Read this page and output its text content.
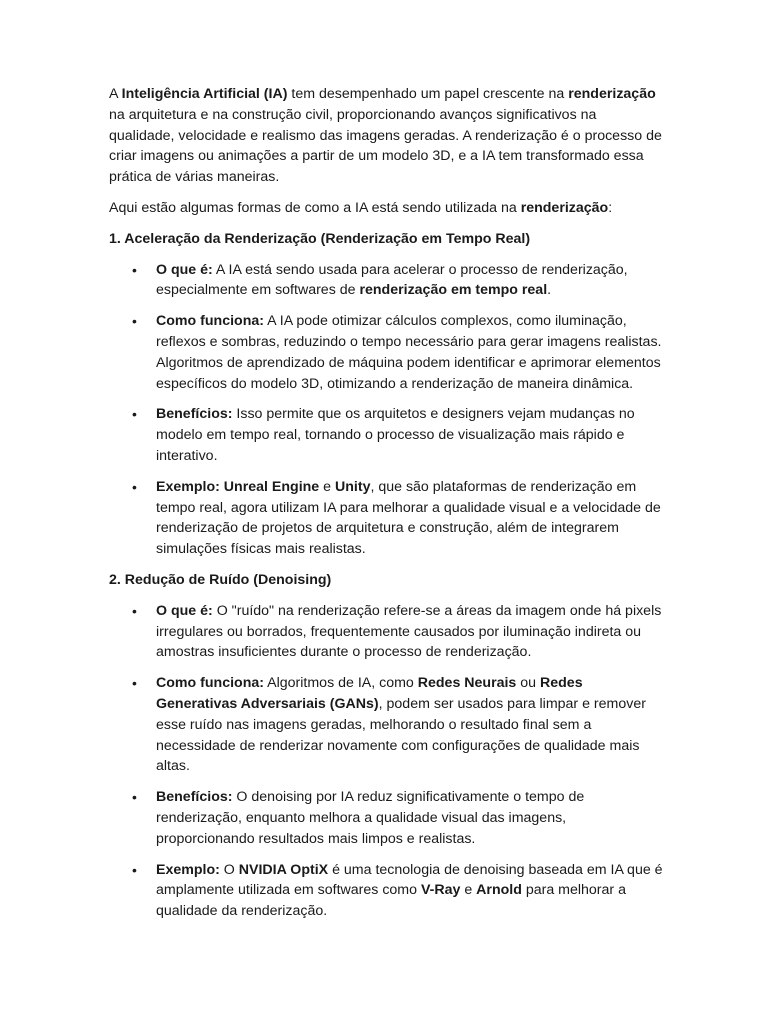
A Inteligência Artificial (IA) tem desempenhado um papel crescente na renderização na arquitetura e na construção civil, proporcionando avanços significativos na qualidade, velocidade e realismo das imagens geradas. A renderização é o processo de criar imagens ou animações a partir de um modelo 3D, e a IA tem transformado essa prática de várias maneiras.

Aqui estão algumas formas de como a IA está sendo utilizada na renderização:

1. Aceleração da Renderização (Renderização em Tempo Real)

• O que é: A IA está sendo usada para acelerar o processo de renderização, especialmente em softwares de renderização em tempo real.
• Como funciona: A IA pode otimizar cálculos complexos, como iluminação, reflexos e sombras, reduzindo o tempo necessário para gerar imagens realistas. Algoritmos de aprendizado de máquina podem identificar e aprimorar elementos específicos do modelo 3D, otimizando a renderização de maneira dinâmica.
• Benefícios: Isso permite que os arquitetos e designers vejam mudanças no modelo em tempo real, tornando o processo de visualização mais rápido e interativo.
• Exemplo: Unreal Engine e Unity, que são plataformas de renderização em tempo real, agora utilizam IA para melhorar a qualidade visual e a velocidade de renderização de projetos de arquitetura e construção, além de integrarem simulações físicas mais realistas.

2. Redução de Ruído (Denoising)

• O que é: O "ruído" na renderização refere-se a áreas da imagem onde há pixels irregulares ou borrados, frequentemente causados por iluminação indireta ou amostras insuficientes durante o processo de renderização.
• Como funciona: Algoritmos de IA, como Redes Neurais ou Redes Generativas Adversariais (GANs), podem ser usados para limpar e remover esse ruído nas imagens geradas, melhorando o resultado final sem a necessidade de renderizar novamente com configurações de qualidade mais altas.
• Benefícios: O denoising por IA reduz significativamente o tempo de renderização, enquanto melhora a qualidade visual das imagens, proporcionando resultados mais limpos e realistas.
• Exemplo: O NVIDIA OptiX é uma tecnologia de denoising baseada em IA que é amplamente utilizada em softwares como V-Ray e Arnold para melhorar a qualidade da renderização.
